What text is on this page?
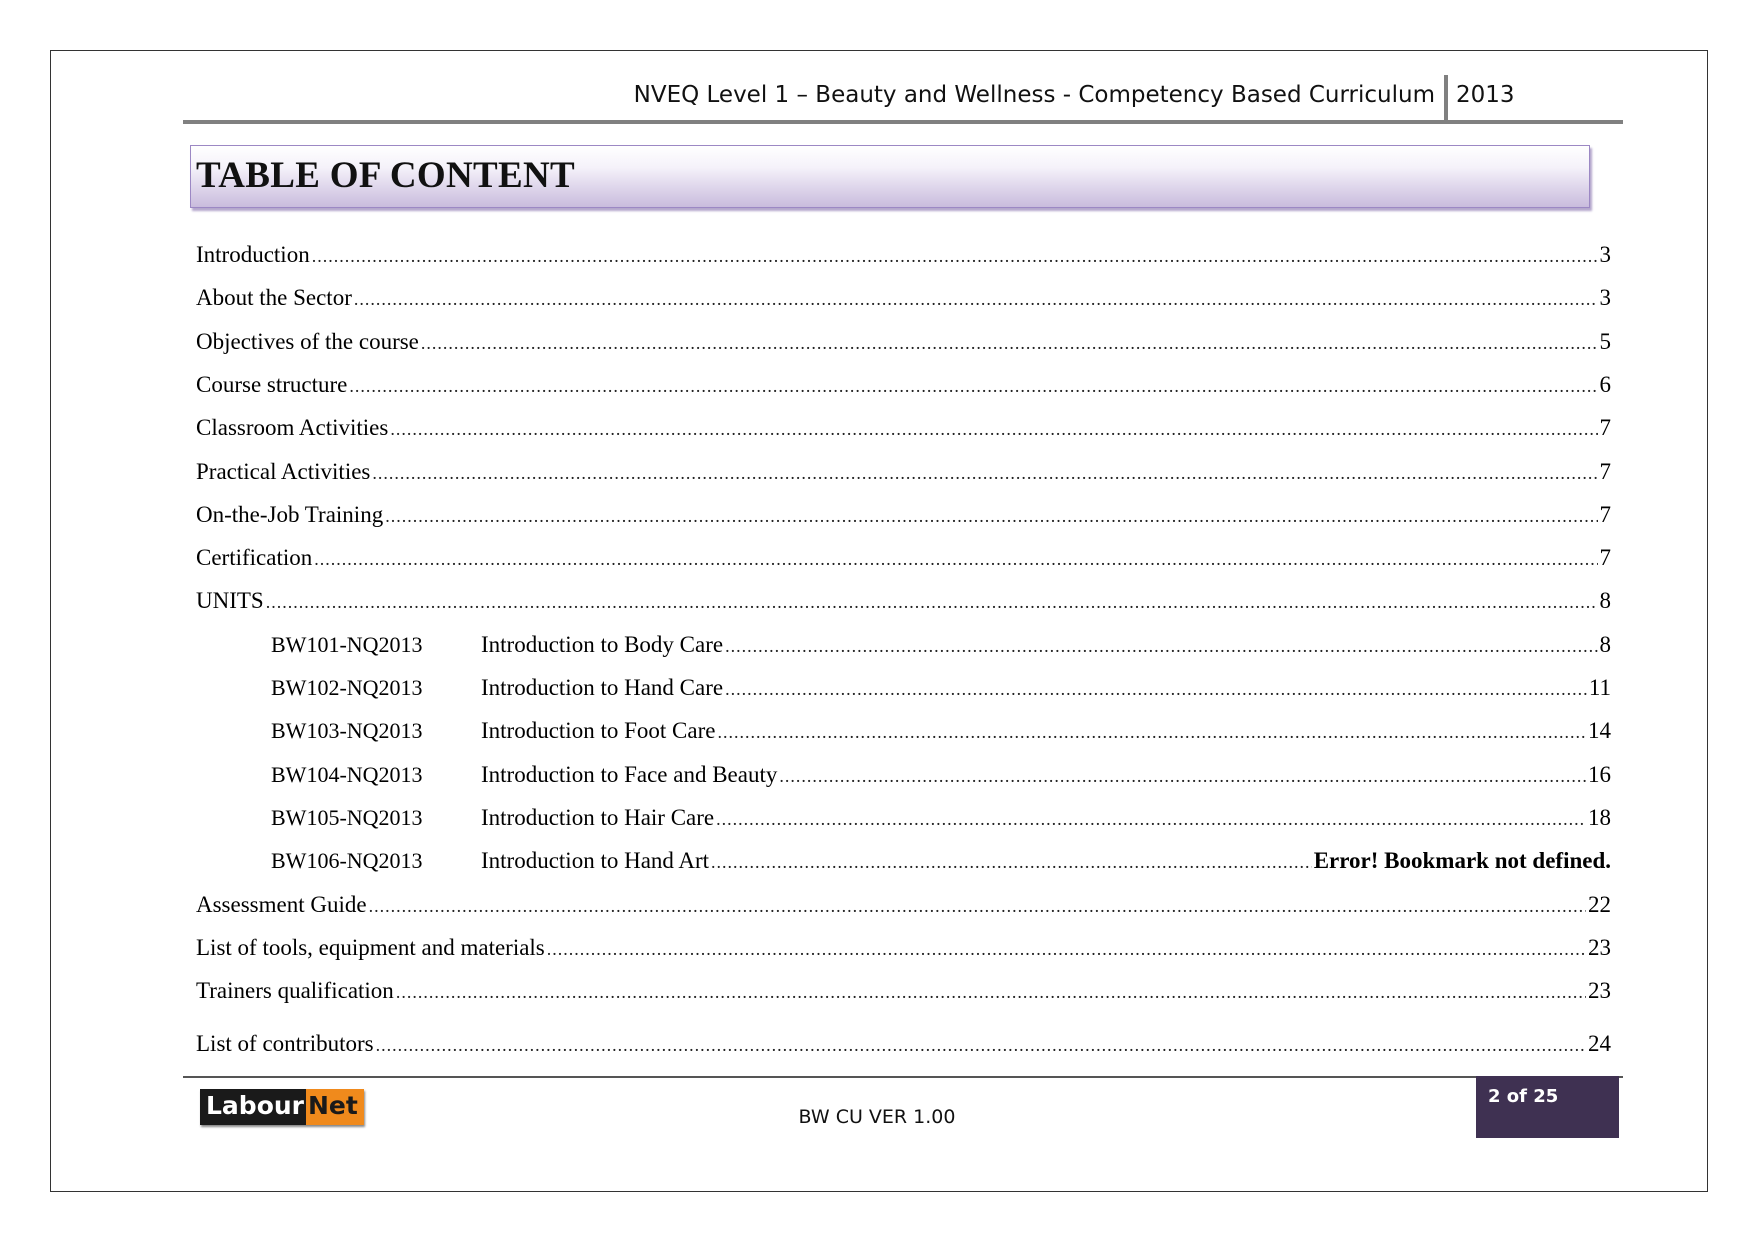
NVEQ Level 1 – Beauty and Wellness - Competency Based Curriculum 2013
TABLE OF CONTENT
Introduction .....	3
About the Sector .....	3
Objectives of the course .....	5
Course structure .....	6
Classroom Activities .....	7
Practical Activities .....	7
On-the-Job Training .....	7
Certification .....	7
UNITS .....	8
BW101-NQ2013	Introduction to Body Care .....	8
BW102-NQ2013	Introduction to Hand Care .....	11
BW103-NQ2013	Introduction to Foot Care .....	14
BW104-NQ2013	Introduction to Face and Beauty .....	16
BW105-NQ2013	Introduction to Hair Care .....	18
BW106-NQ2013	Introduction to Hand Art .....	Error! Bookmark not defined.
Assessment Guide .....	22
List of tools, equipment and materials .....	23
Trainers qualification .....	23
List of contributors .....	24
Labour Net	BW CU VER 1.00
2 of 25
